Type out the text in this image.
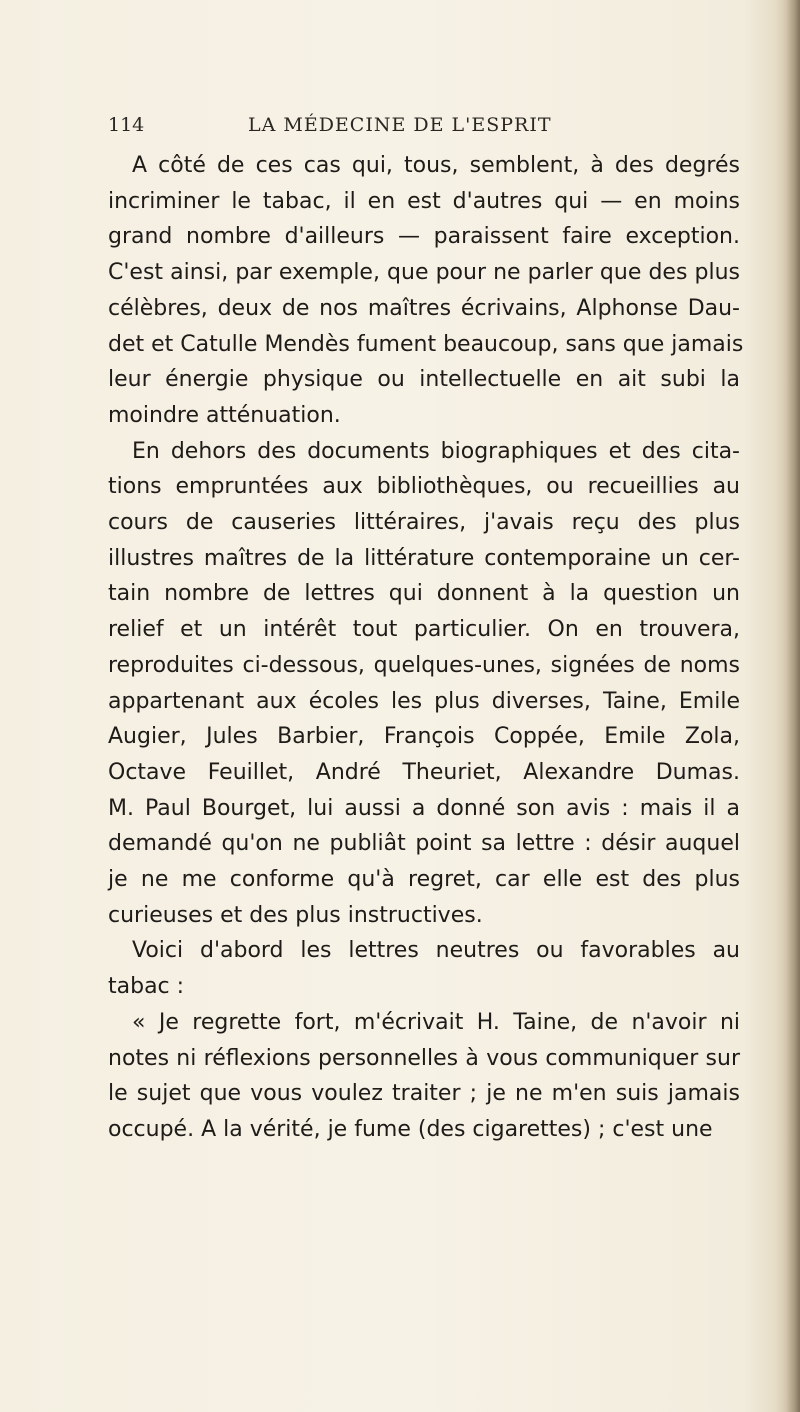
114	LA MÉDECINE DE L'ESPRIT

A côté de ces cas qui, tous, semblent, à des degrés

incriminer le tabac, il en est d'autres qui — en moins

grand nombre d'ailleurs — paraissent faire exception.

C'est ainsi, par exemple, que pour ne parler que des plus

célèbres, deux de nos maîtres écrivains, Alphonse Dau-

det et Catulle Mendès fument beaucoup, sans que jamais

leur énergie physique ou intellectuelle en ait subi la

moindre atténuation.

En dehors des documents biographiques et des cita-

tions empruntées aux bibliothèques, ou recueillies au

cours de causeries littéraires, j'avais reçu des plus

illustres maîtres de la littérature contemporaine un cer-

tain nombre de lettres qui donnent à la question un

relief et un intérêt tout particulier. On en trouvera,

reproduites ci-dessous, quelques-unes, signées de noms

appartenant aux écoles les plus diverses, Taine, Emile

Augier, Jules Barbier, François Coppée, Emile Zola,

Octave Feuillet, André Theuriet, Alexandre Dumas.

M. Paul Bourget, lui aussi a donné son avis : mais il a

demandé qu'on ne publiât point sa lettre : désir auquel

je ne me conforme qu'à regret, car elle est des plus

curieuses et des plus instructives.

Voici d'abord les lettres neutres ou favorables au

tabac :

« Je regrette fort, m'écrivait H. Taine, de n'avoir ni

notes ni réflexions personnelles à vous communiquer sur

le sujet que vous voulez traiter ; je ne m'en suis jamais

occupé. A la vérité, je fume (des cigarettes) ; c'est une
